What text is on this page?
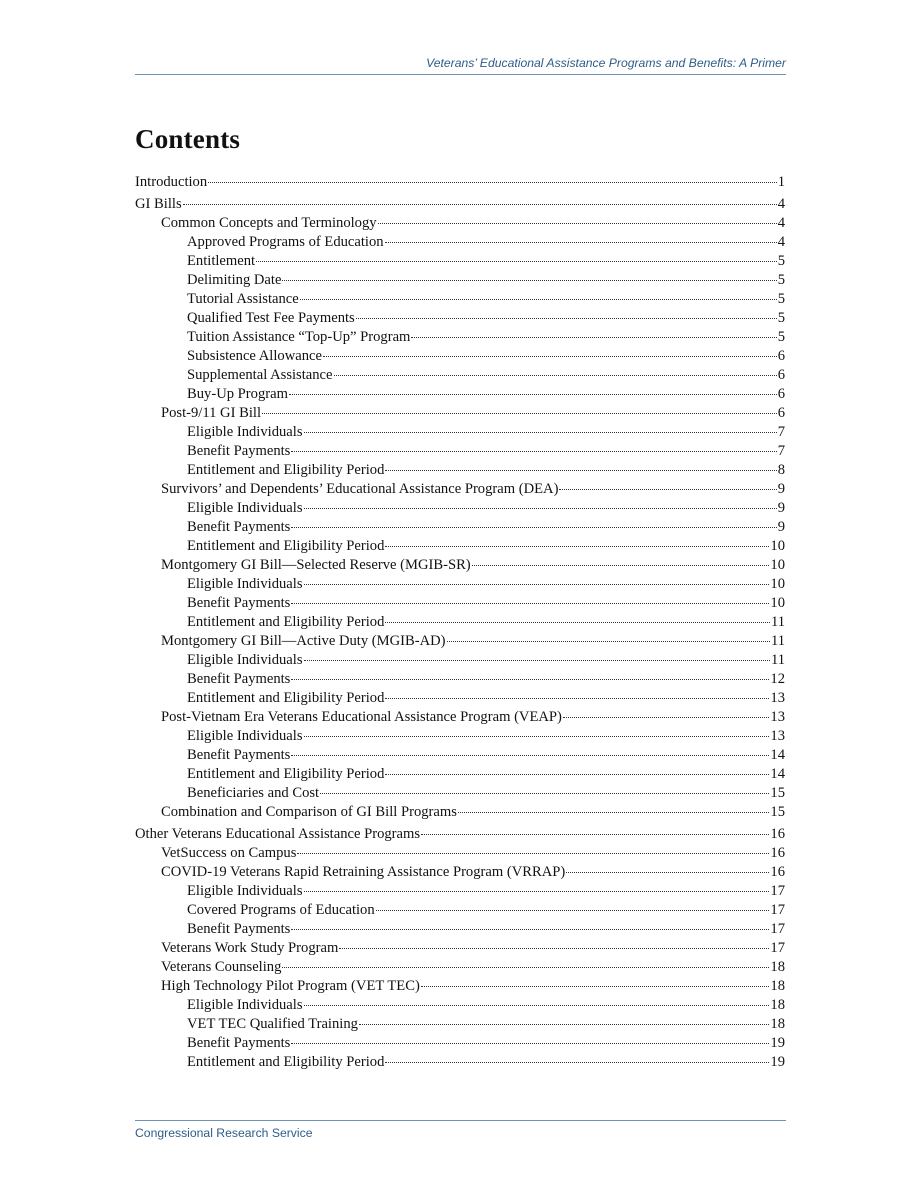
Veterans’ Educational Assistance Programs and Benefits: A Primer
Contents
Introduction	1
GI Bills	4
Common Concepts and Terminology	4
Approved Programs of Education	4
Entitlement	5
Delimiting Date	5
Tutorial Assistance	5
Qualified Test Fee Payments	5
Tuition Assistance “Top-Up” Program	5
Subsistence Allowance	6
Supplemental Assistance	6
Buy-Up Program	6
Post-9/11 GI Bill	6
Eligible Individuals	7
Benefit Payments	7
Entitlement and Eligibility Period	8
Survivors’ and Dependents’ Educational Assistance Program (DEA)	9
Eligible Individuals	9
Benefit Payments	9
Entitlement and Eligibility Period	10
Montgomery GI Bill—Selected Reserve (MGIB-SR)	10
Eligible Individuals	10
Benefit Payments	10
Entitlement and Eligibility Period	11
Montgomery GI Bill—Active Duty (MGIB-AD)	11
Eligible Individuals	11
Benefit Payments	12
Entitlement and Eligibility Period	13
Post-Vietnam Era Veterans Educational Assistance Program (VEAP)	13
Eligible Individuals	13
Benefit Payments	14
Entitlement and Eligibility Period	14
Beneficiaries and Cost	15
Combination and Comparison of GI Bill Programs	15
Other Veterans Educational Assistance Programs	16
VetSuccess on Campus	16
COVID-19 Veterans Rapid Retraining Assistance Program (VRRAP)	16
Eligible Individuals	17
Covered Programs of Education	17
Benefit Payments	17
Veterans Work Study Program	17
Veterans Counseling	18
High Technology Pilot Program (VET TEC)	18
Eligible Individuals	18
VET TEC Qualified Training	18
Benefit Payments	19
Entitlement and Eligibility Period	19
Congressional Research Service
